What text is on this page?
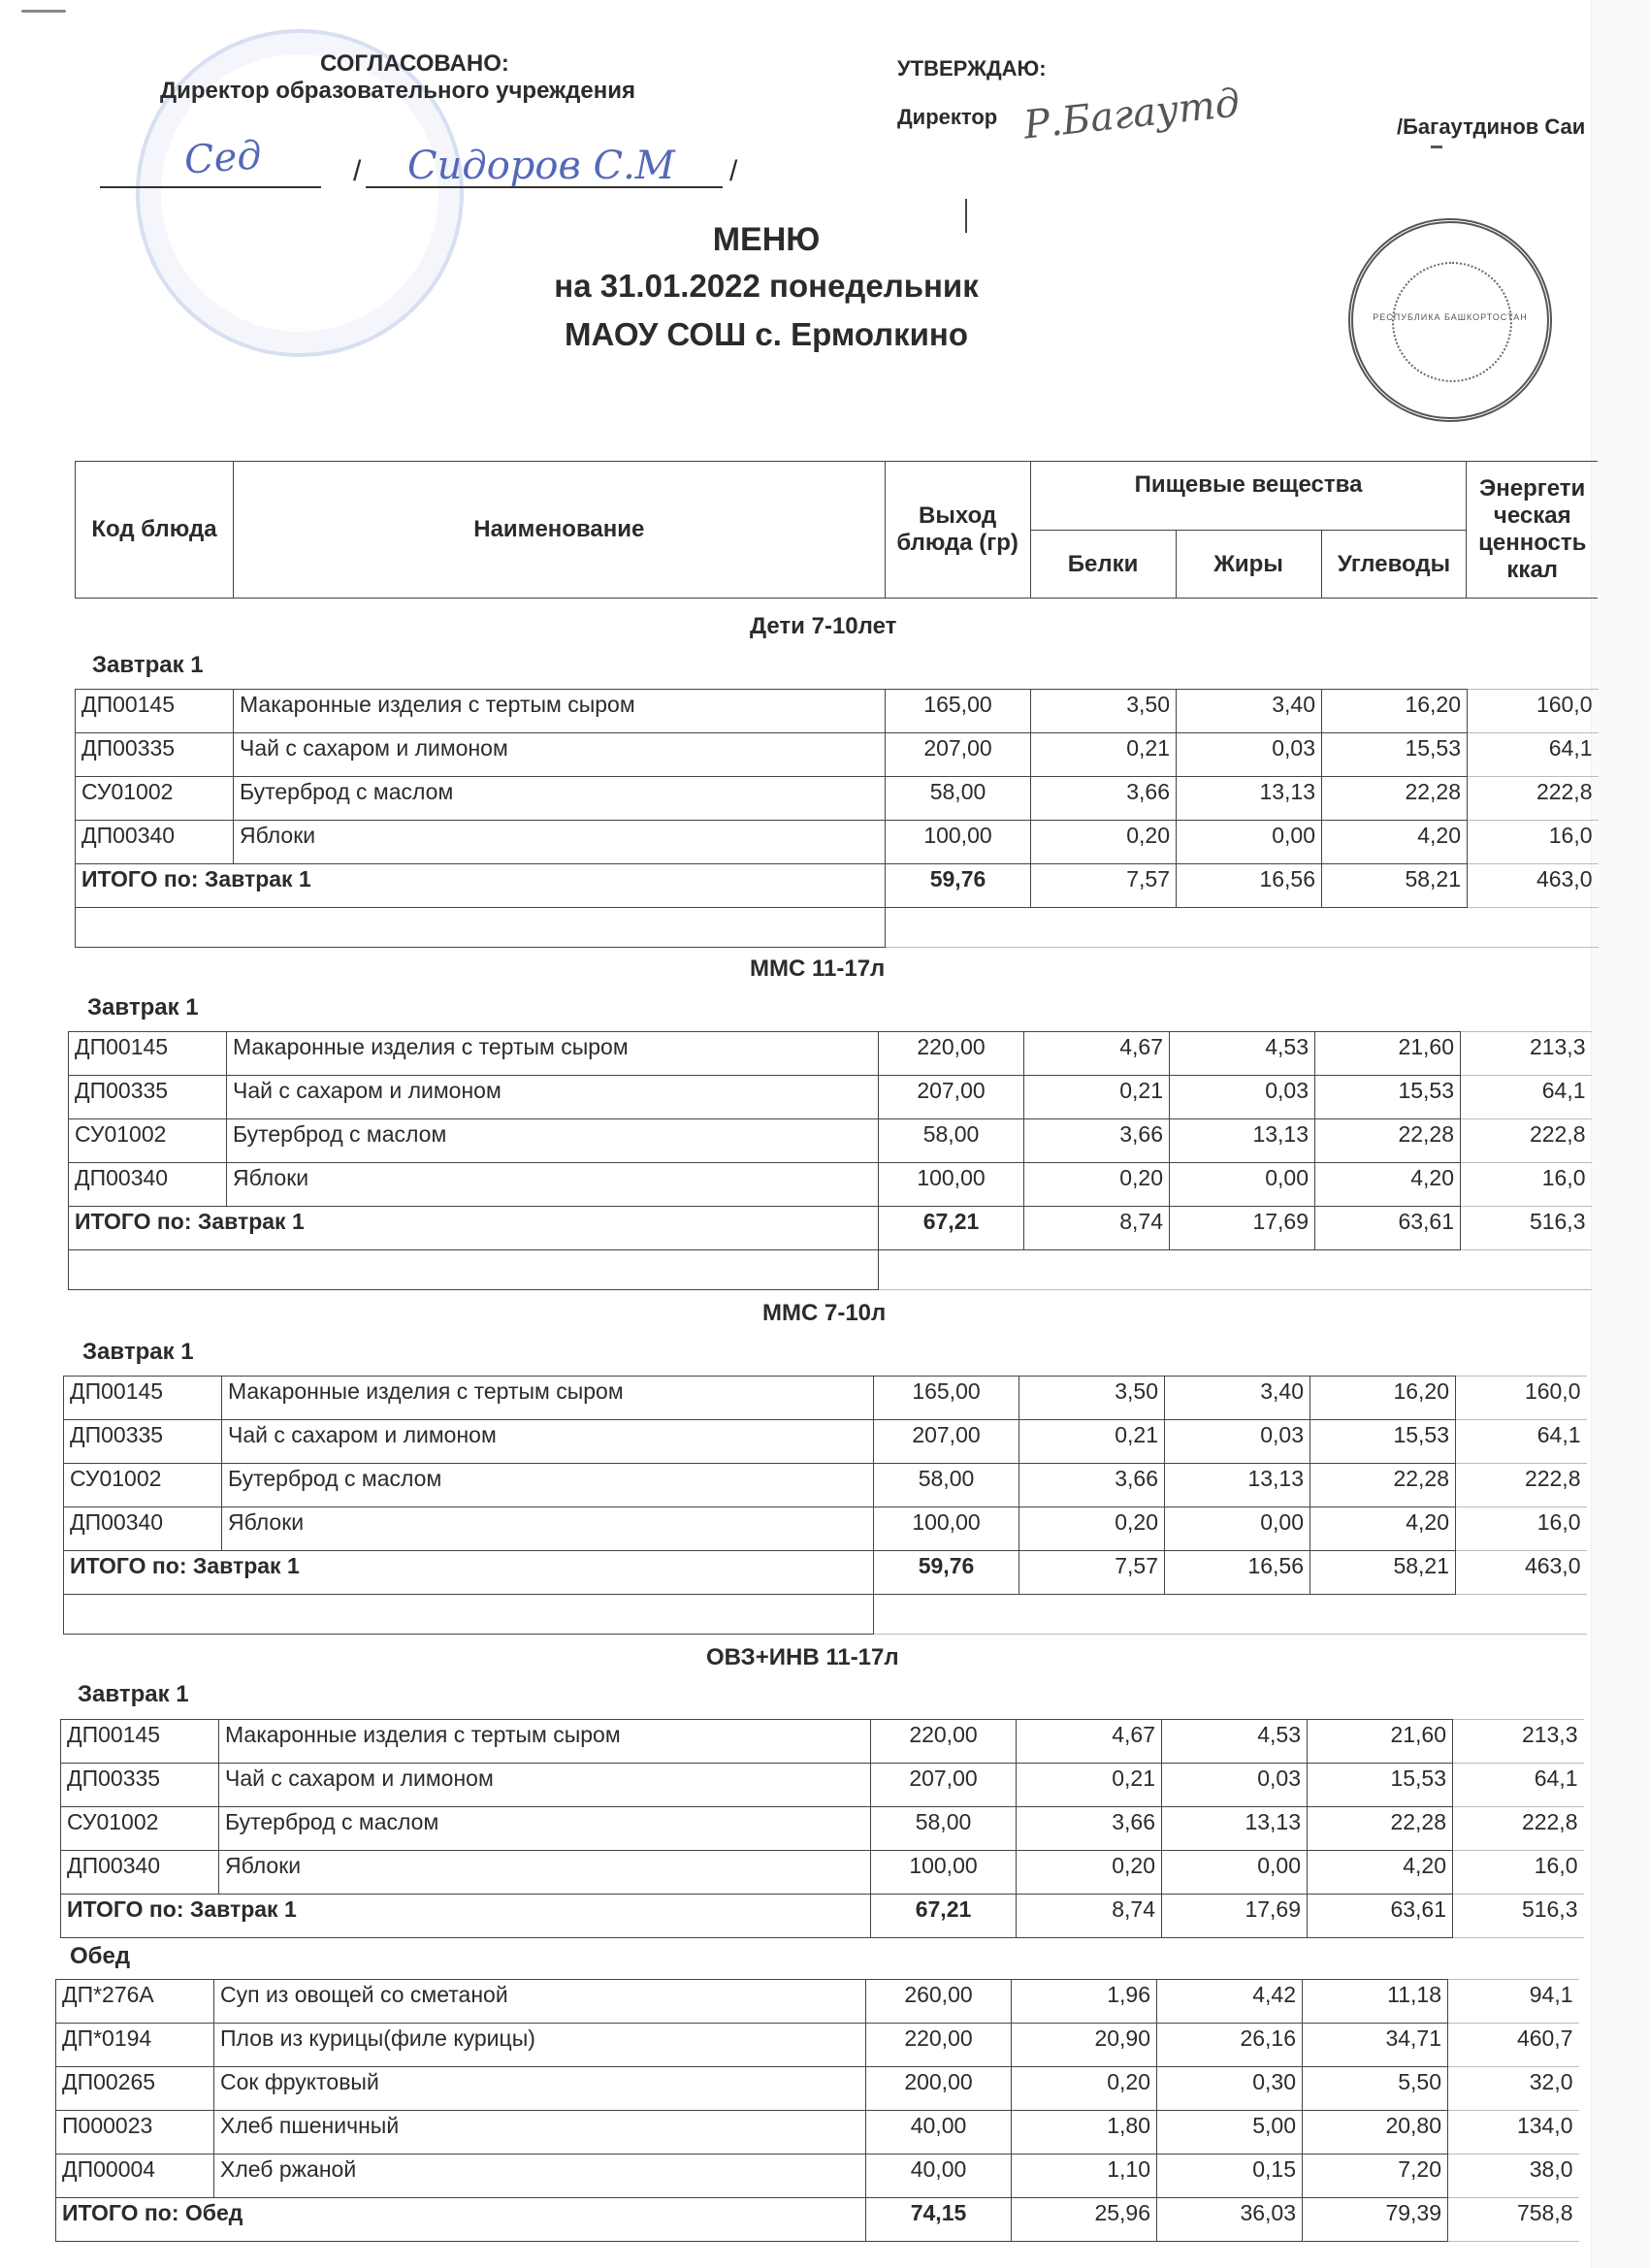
СОГЛАСОВАНО:
Директор образовательного учреждения
Сед	/ Сидоров С.М /
УТВЕРЖДАЮ:
Директор Р.Багаутд	/Багаутдинов Саи
РЕСПУБЛИКА БАШКОРТОСТАН
МЕНЮ
на 31.01.2022 понедельник
МАОУ СОШ с. Ермолкино
Код блюда	Наименование	Выход блюда (гр)	Пищевые вещества			Энергети ческая ценность ккал
			Белки	Жиры	Углеводы	
Дети 7-10лет
Завтрак 1
ДП00145	Макаронные изделия с тертым сыром	165,00	3,50	3,40	16,20	160,0
ДП00335	Чай с сахаром и лимоном	207,00	0,21	0,03	15,53	64,1
СУ01002	Бутерброд с маслом	58,00	3,66	13,13	22,28	222,8
ДП00340	Яблоки	100,00	0,20	0,00	4,20	16,0
ИТОГО по: Завтрак 1		59,76	7,57	16,56	58,21	463,0

ММС 11-17л
Завтрак 1
ДП00145	Макаронные изделия с тертым сыром	220,00	4,67	4,53	21,60	213,3
ДП00335	Чай с сахаром и лимоном	207,00	0,21	0,03	15,53	64,1
СУ01002	Бутерброд с маслом	58,00	3,66	13,13	22,28	222,8
ДП00340	Яблоки	100,00	0,20	0,00	4,20	16,0
ИТОГО по: Завтрак 1		67,21	8,74	17,69	63,61	516,3

ММС 7-10л
Завтрак 1
ДП00145	Макаронные изделия с тертым сыром	165,00	3,50	3,40	16,20	160,0
ДП00335	Чай с сахаром и лимоном	207,00	0,21	0,03	15,53	64,1
СУ01002	Бутерброд с маслом	58,00	3,66	13,13	22,28	222,8
ДП00340	Яблоки	100,00	0,20	0,00	4,20	16,0
ИТОГО по: Завтрак 1		59,76	7,57	16,56	58,21	463,0

ОВЗ+ИНВ 11-17л
Завтрак 1
ДП00145	Макаронные изделия с тертым сыром	220,00	4,67	4,53	21,60	213,3
ДП00335	Чай с сахаром и лимоном	207,00	0,21	0,03	15,53	64,1
СУ01002	Бутерброд с маслом	58,00	3,66	13,13	22,28	222,8
ДП00340	Яблоки	100,00	0,20	0,00	4,20	16,0
ИТОГО по: Завтрак 1		67,21	8,74	17,69	63,61	516,3
Обед
ДП*276А	Суп из овощей со сметаной	260,00	1,96	4,42	11,18	94,1
ДП*0194	Плов из курицы(филе курицы)	220,00	20,90	26,16	34,71	460,7
ДП00265	Сок фруктовый	200,00	0,20	0,30	5,50	32,0
П000023	Хлеб пшеничный	40,00	1,80	5,00	20,80	134,0
ДП00004	Хлеб ржаной	40,00	1,10	0,15	7,20	38,0
ИТОГО по: Обед		74,15	25,96	36,03	79,39	758,8
